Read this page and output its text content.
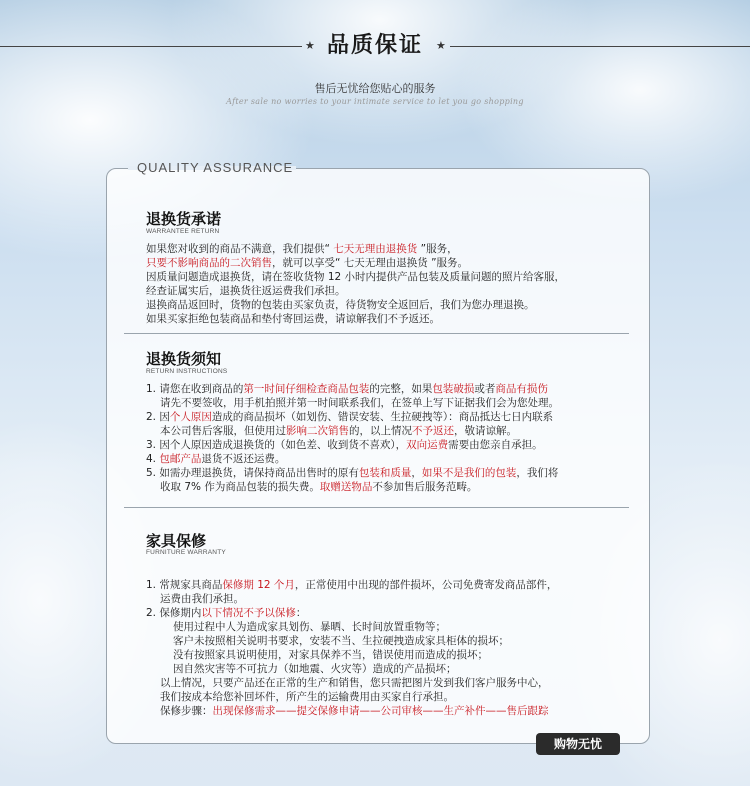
★ 品质保证	★
售后无忧给您贴心的服务
After sale no worries to your intimate service to let you go shopping
QUALITY ASSURANCE
退换货承诺
WARRANTEE RETURN
如果您对收到的商品不满意，我们提供“ 七天无理由退换货 ”服务，
只要不影响商品的二次销售，就可以享受“ 七天无理由退换货 ”服务。
因质量问题造成退换货，请在签收货物 12 小时内提供产品包装及质量问题的照片给客服，
经查证属实后，退换货往返运费我们承担。
退换商品返回时，货物的包装由买家负责，待货物安全返回后，我们为您办理退换。
如果买家拒绝包装商品和垫付寄回运费，请谅解我们不予返还。
退换货须知
RETURN INSTRUCTIONS
1. 请您在收到商品的第一时间仔细检查商品包装的完整，如果包装破损或者商品有损伤
请先不要签收，用手机拍照并第一时间联系我们，在签单上写下证据我们会为您处理。
2. 因个人原因造成的商品损坏（如划伤、错误安装、生拉硬拽等）：商品抵达七日内联系
本公司售后客服，但使用过影响二次销售的，以上情况不予返还，敬请谅解。
3. 因个人原因造成退换货的（如色差、收到货不喜欢），双向运费需要由您亲自承担。
4. 包邮产品退货不返还运费。
5. 如需办理退换货，请保持商品出售时的原有包装和质量，如果不是我们的包装，我们将
收取 7% 作为商品包装的损失费。取赠送物品不参加售后服务范畴。
家具保修
FURNITURE WARRANTY
1. 常规家具商品保修期 12 个月，正常使用中出现的部件损坏，公司免费寄发商品部件，
运费由我们承担。
2. 保修期内以下情况不予以保修：
使用过程中人为造成家具划伤、暴晒、长时间放置重物等；
客户未按照相关说明书要求，安装不当、生拉硬拽造成家具柜体的损坏；
没有按照家具说明使用，对家具保养不当，错误使用而造成的损坏；
因自然灾害等不可抗力（如地震、火灾等）造成的产品损坏；
以上情况，只要产品还在正常的生产和销售，您只需把图片发到我们客户服务中心，
我们按成本给您补回坏件，所产生的运输费用由买家自行承担。
保修步骤：出现保修需求——提交保修申请——公司审核——生产补件——售后跟踪
购物无忧
